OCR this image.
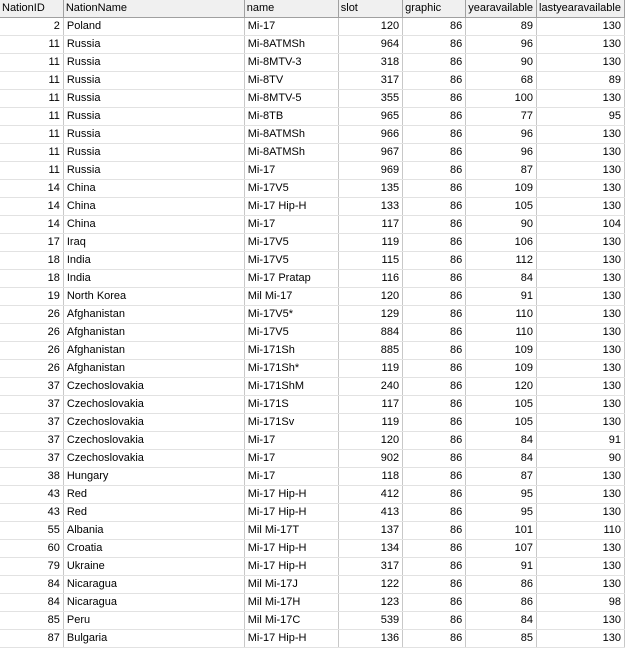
NationID	NationName	name	slot	graphic	yearavailable	lastyearavailable
2	Poland	Mi-17	120	86	89	130
11	Russia	Mi-8ATMSh	964	86	96	130
11	Russia	Mi-8MTV-3	318	86	90	130
11	Russia	Mi-8TV	317	86	68	89
11	Russia	Mi-8MTV-5	355	86	100	130
11	Russia	Mi-8TB	965	86	77	95
11	Russia	Mi-8ATMSh	966	86	96	130
11	Russia	Mi-8ATMSh	967	86	96	130
11	Russia	Mi-17	969	86	87	130
14	China	Mi-17V5	135	86	109	130
14	China	Mi-17 Hip-H	133	86	105	130
14	China	Mi-17	117	86	90	104
17	Iraq	Mi-17V5	119	86	106	130
18	India	Mi-17V5	115	86	112	130
18	India	Mi-17 Pratap	116	86	84	130
19	North Korea	Mil Mi-17	120	86	91	130
26	Afghanistan	Mi-17V5*	129	86	110	130
26	Afghanistan	Mi-17V5	884	86	110	130
26	Afghanistan	Mi-171Sh	885	86	109	130
26	Afghanistan	Mi-171Sh*	119	86	109	130
37	Czechoslovakia	Mi-171ShM	240	86	120	130
37	Czechoslovakia	Mi-171S	117	86	105	130
37	Czechoslovakia	Mi-171Sv	119	86	105	130
37	Czechoslovakia	Mi-17	120	86	84	91
37	Czechoslovakia	Mi-17	902	86	84	90
38	Hungary	Mi-17	118	86	87	130
43	Red	Mi-17 Hip-H	412	86	95	130
43	Red	Mi-17 Hip-H	413	86	95	130
55	Albania	Mil Mi-17T	137	86	101	110
60	Croatia	Mi-17 Hip-H	134	86	107	130
79	Ukraine	Mi-17 Hip-H	317	86	91	130
84	Nicaragua	Mil Mi-17J	122	86	86	130
84	Nicaragua	Mil Mi-17H	123	86	86	98
85	Peru	Mil Mi-17C	539	86	84	130
87	Bulgaria	Mi-17 Hip-H	136	86	85	130
